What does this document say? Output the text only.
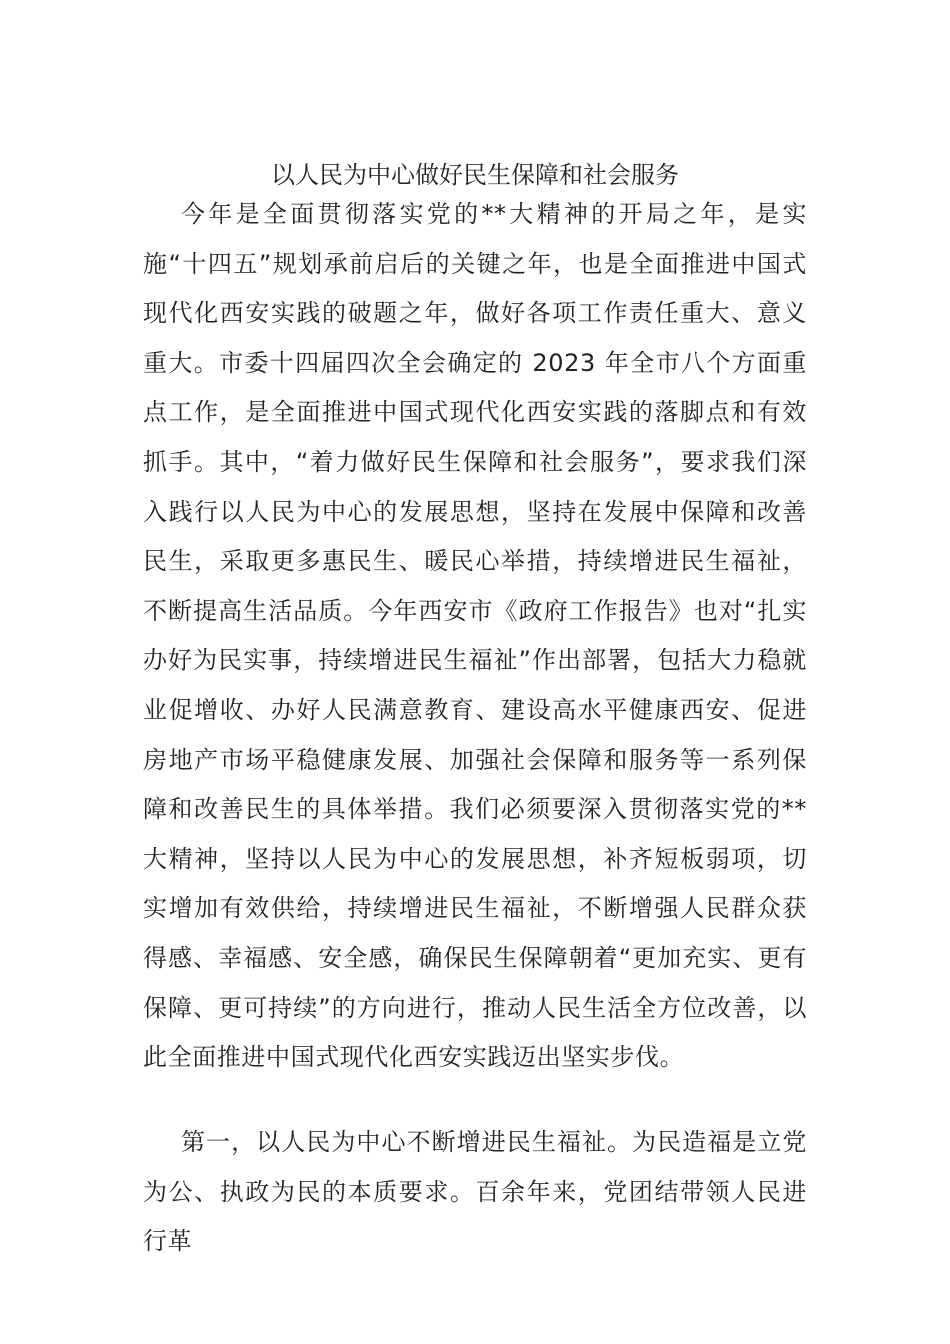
以人民为中心做好民生保障和社会服务

今年是全面贯彻落实党的**大精神的开局之年，是实施“十四五”规划承前启后的关键之年，也是全面推进中国式现代化西安实践的破题之年，做好各项工作责任重大、意义重大。市委十四届四次全会确定的 2023 年全市八个方面重点工作，是全面推进中国式现代化西安实践的落脚点和有效抓手。其中，“着力做好民生保障和社会服务”，要求我们深入践行以人民为中心的发展思想，坚持在发展中保障和改善民生，采取更多惠民生、暖民心举措，持续增进民生福祉，不断提高生活品质。今年西安市《政府工作报告》也对“扎实办好为民实事，持续增进民生福祉”作出部署，包括大力稳就业促增收、办好人民满意教育、建设高水平健康西安、促进房地产市场平稳健康发展、加强社会保障和服务等一系列保障和改善民生的具体举措。我们必须要深入贯彻落实党的**大精神，坚持以人民为中心的发展思想，补齐短板弱项，切实增加有效供给，持续增进民生福祉，不断增强人民群众获得感、幸福感、安全感，确保民生保障朝着“更加充实、更有保障、更可持续”的方向进行，推动人民生活全方位改善，以此全面推进中国式现代化西安实践迈出坚实步伐。

第一，以人民为中心不断增进民生福祉。为民造福是立党为公、执政为民的本质要求。百余年来，党团结带领人民进行革
